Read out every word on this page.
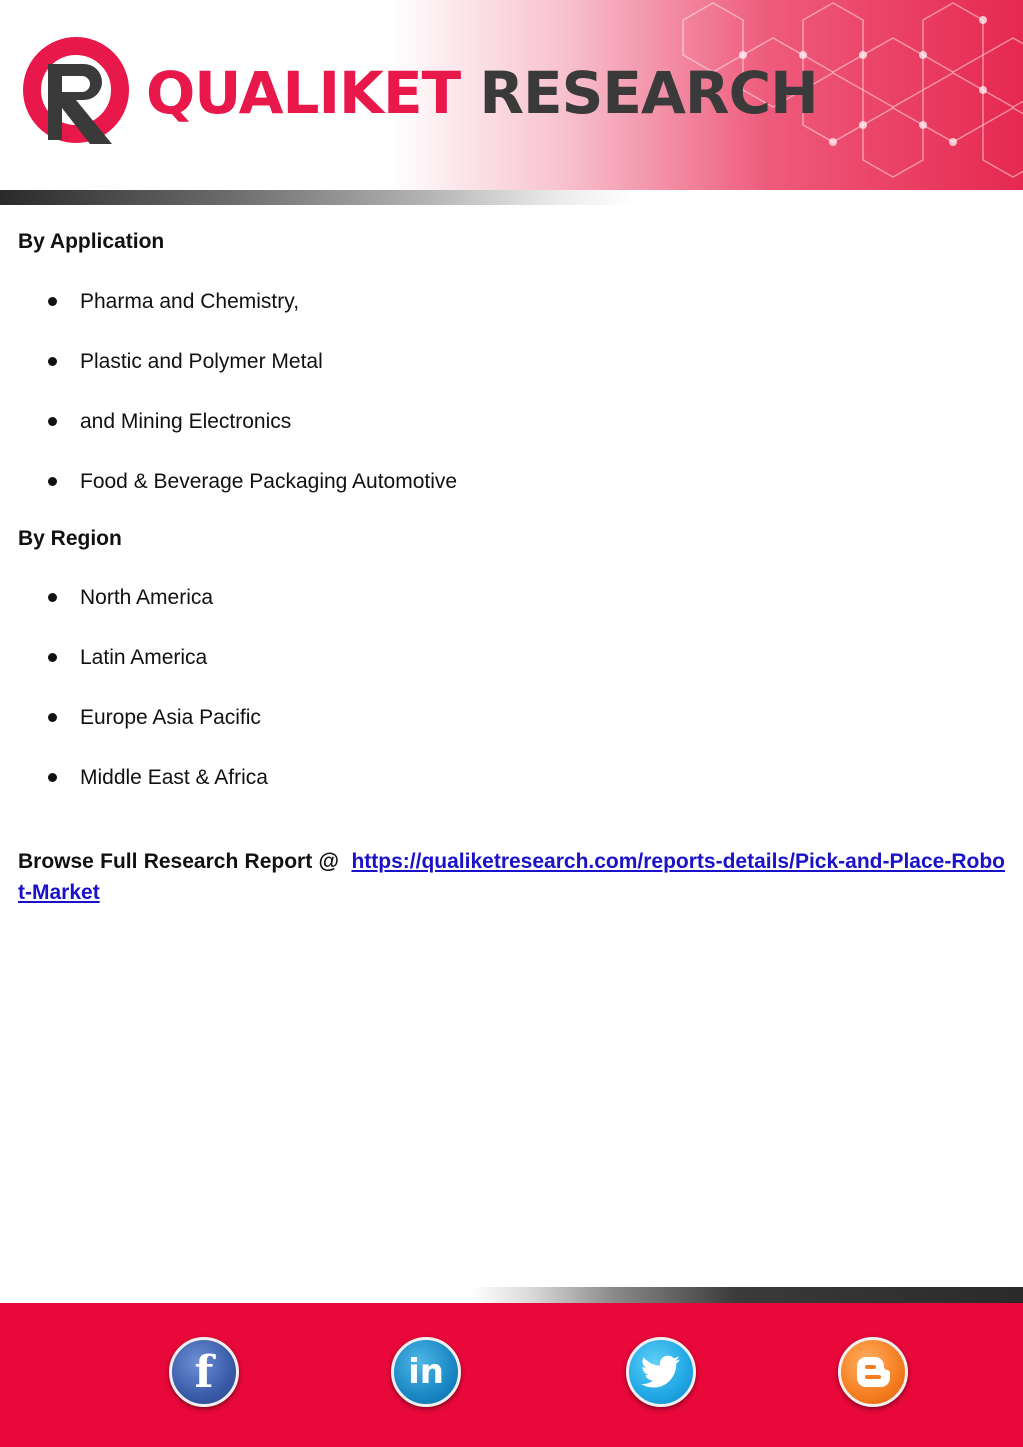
QUALIKET RESEARCH
By Application
Pharma and Chemistry,
Plastic and Polymer Metal
and Mining Electronics
Food & Beverage Packaging Automotive
By Region
North America
Latin America
Europe Asia Pacific
Middle East & Africa

Browse Full Research Report @ https://qualiketresearch.com/reports-details/Pick-and-Place-Robot-Market

f	in
